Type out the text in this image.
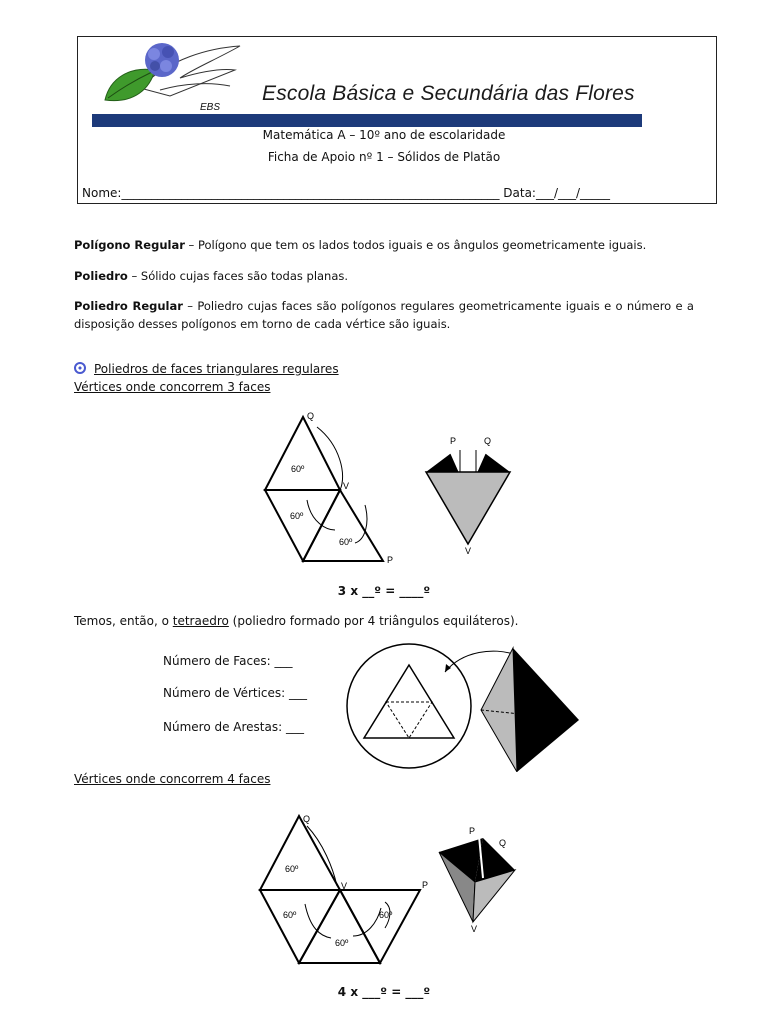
EBS
Escola Básica e Secundária das Flores
Matemática A – 10º ano de escolaridade
Ficha de Apoio nº 1 – Sólidos de Platão
Nome:_______________________________________________________________ Data:___/___/_____
Polígono Regular – Polígono que tem os lados todos iguais e os ângulos geometricamente iguais.
Poliedro – Sólido cujas faces são todas planas.
Poliedro Regular – Poliedro cujas faces são polígonos regulares geometricamente iguais e o número e a disposição desses polígonos em torno de cada vértice são iguais.
Poliedros de faces triangulares regulares
Vértices onde concorrem 3 faces
Q
V
P
60º
60º
60º
P	Q
V
3 x __º = ____º
Temos, então, o tetraedro (poliedro formado por 4 triângulos equiláteros).
Número de Faces: ___
Número de Vértices: ___
Número de Arestas: ___
Vértices onde concorrem 4 faces
Q
V	P
60º
60º
60º
60º
P
Q
V
4 x ___º = ___º
